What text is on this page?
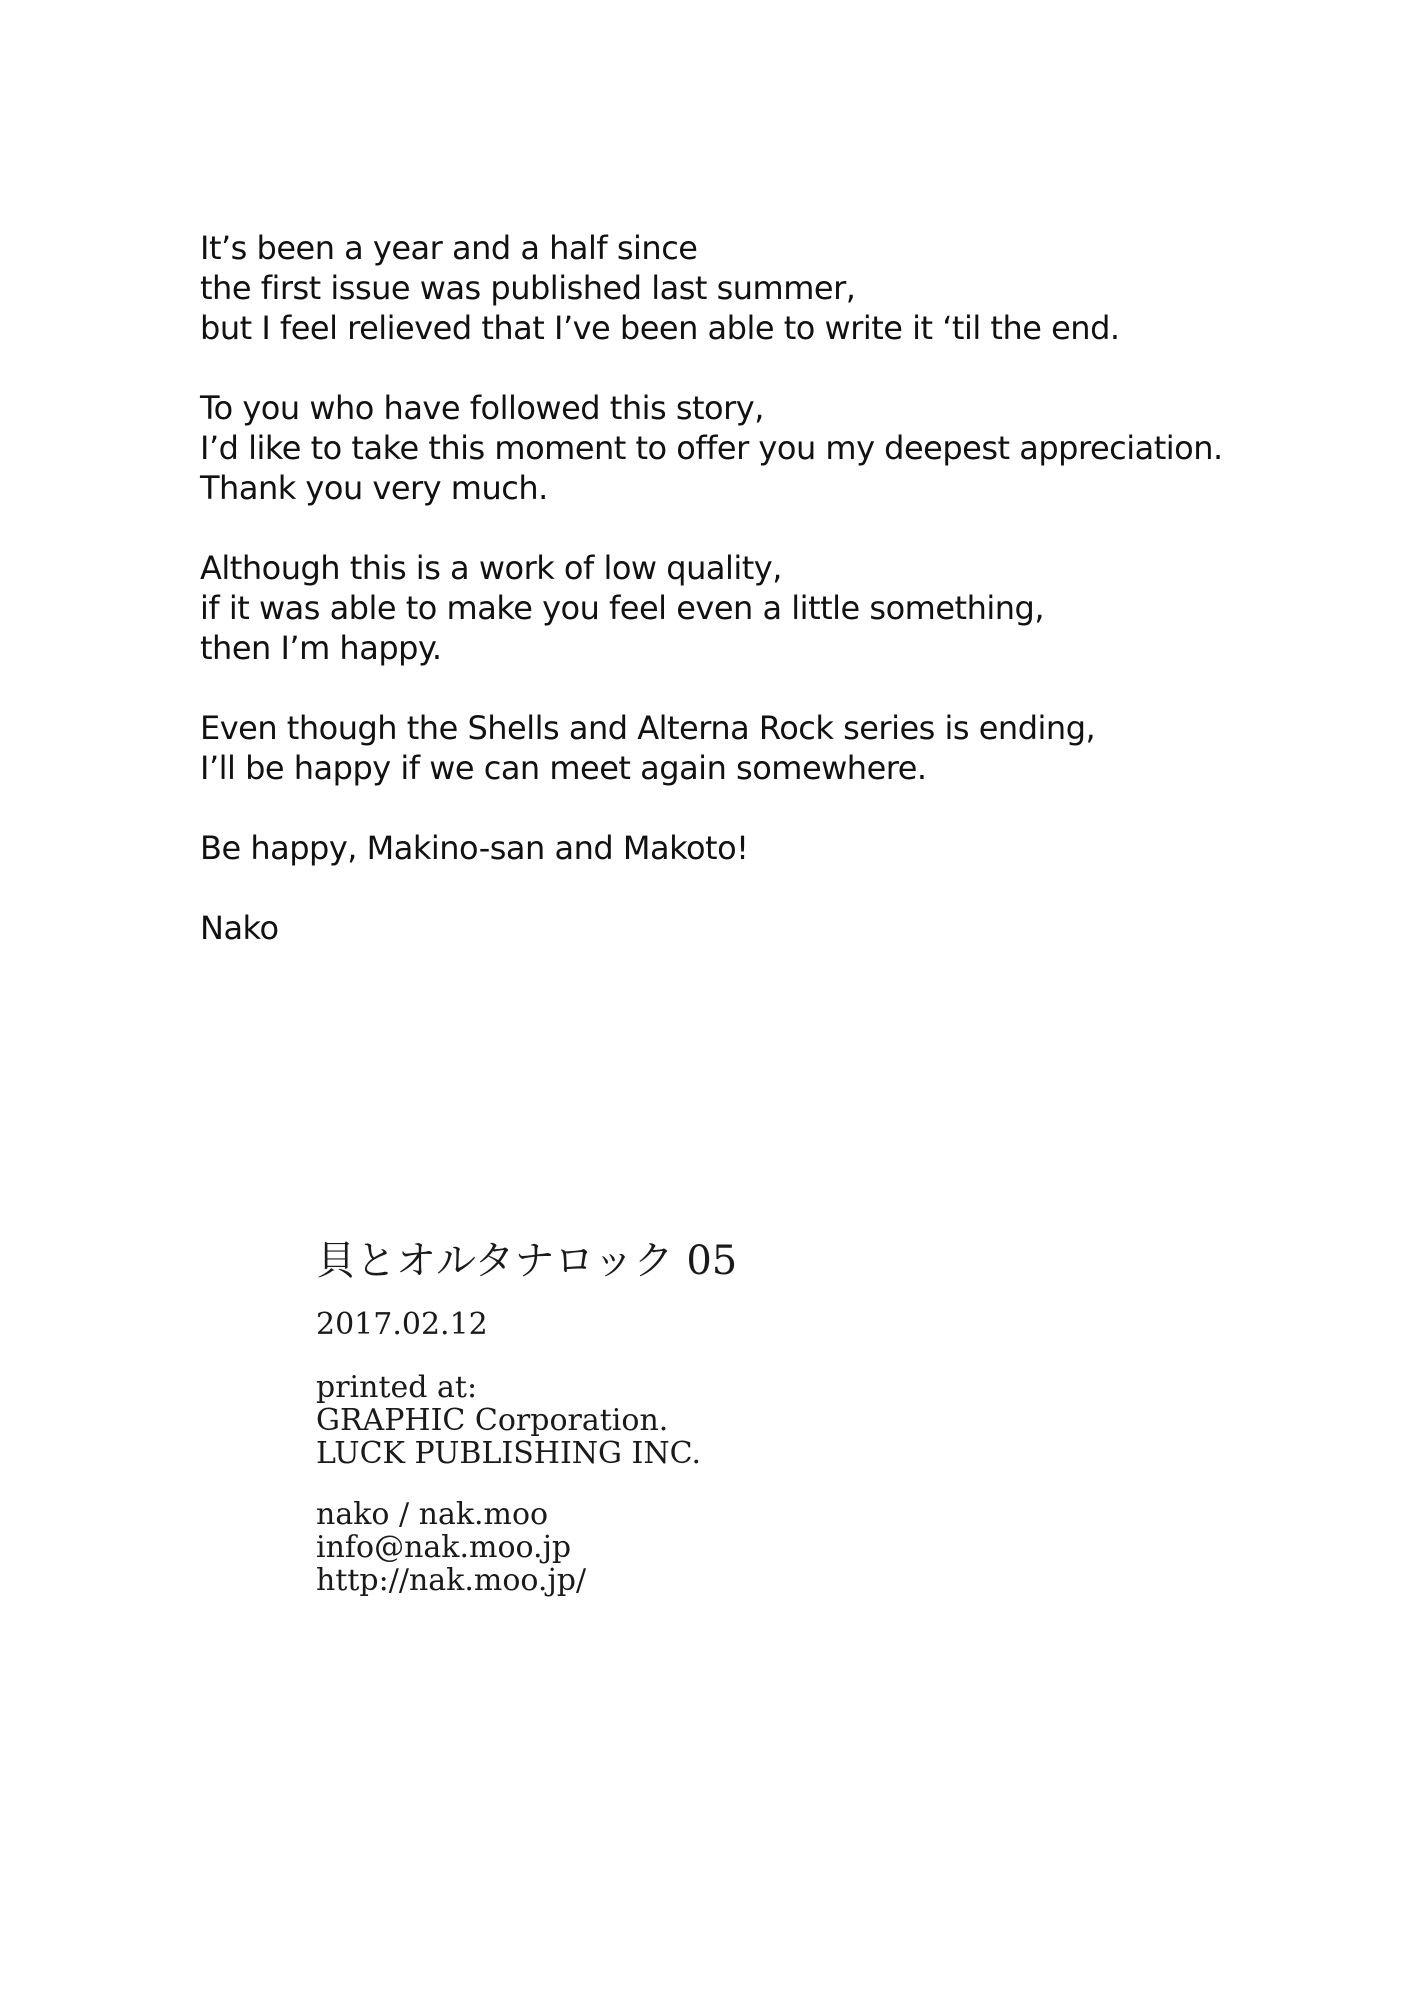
It’s been a year and a half since
the first issue was published last summer,
but I feel relieved that I’ve been able to write it ‘til the end.

To you who have followed this story,
I’d like to take this moment to offer you my deepest appreciation.
Thank you very much.

Although this is a work of low quality,
if it was able to make you feel even a little something,
then I’m happy.

Even though the Shells and Alterna Rock series is ending,
I’ll be happy if we can meet again somewhere.

Be happy, Makino-san and Makoto!

Nako
貝とオルタナロック 05
2017.02.12
printed at:
GRAPHIC Corporation.
LUCK PUBLISHING INC.
nako / nak.moo
info@nak.moo.jp
http://nak.moo.jp/
